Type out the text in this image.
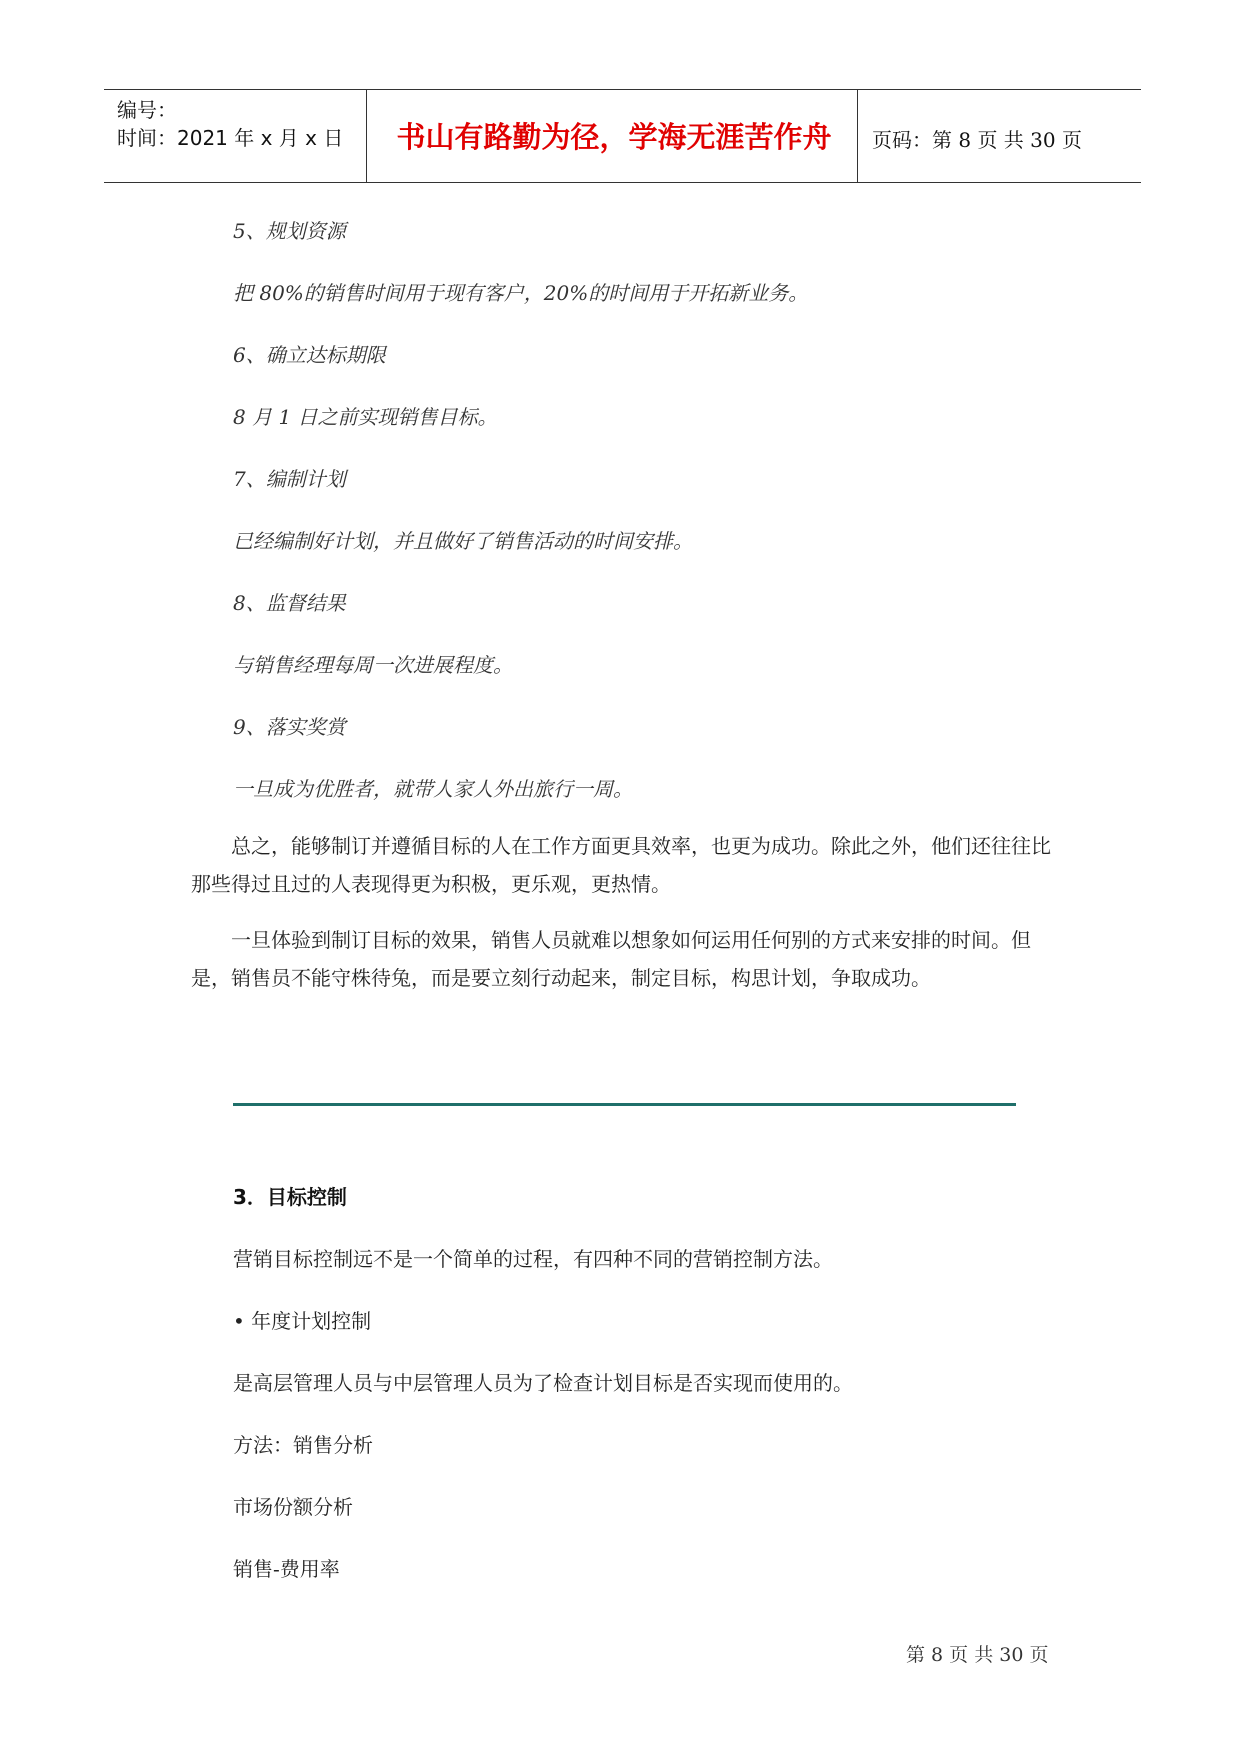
编号：
时间：2021 年 x 月 x 日	书山有路勤为径，学海无涯苦作舟	页码：第 8 页 共 30 页
5、规划资源
把 80%的销售时间用于现有客户，20%的时间用于开拓新业务。
6、确立达标期限
8 月 1 日之前实现销售目标。
7、编制计划
已经编制好计划，并且做好了销售活动的时间安排。
8、监督结果
与销售经理每周一次进展程度。
9、落实奖赏
一旦成为优胜者，就带人家人外出旅行一周。
总之，能够制订并遵循目标的人在工作方面更具效率，也更为成功。除此之外，他们还往往比那些得过且过的人表现得更为积极，更乐观，更热情。
一旦体验到制订目标的效果，销售人员就难以想象如何运用任何别的方式来安排的时间。但是，销售员不能守株待兔，而是要立刻行动起来，制定目标，构思计划，争取成功。
3．目标控制
营销目标控制远不是一个简单的过程，有四种不同的营销控制方法。
• 年度计划控制
是高层管理人员与中层管理人员为了检查计划目标是否实现而使用的。
方法：销售分析
市场份额分析
销售-费用率
第 8 页 共 30 页
